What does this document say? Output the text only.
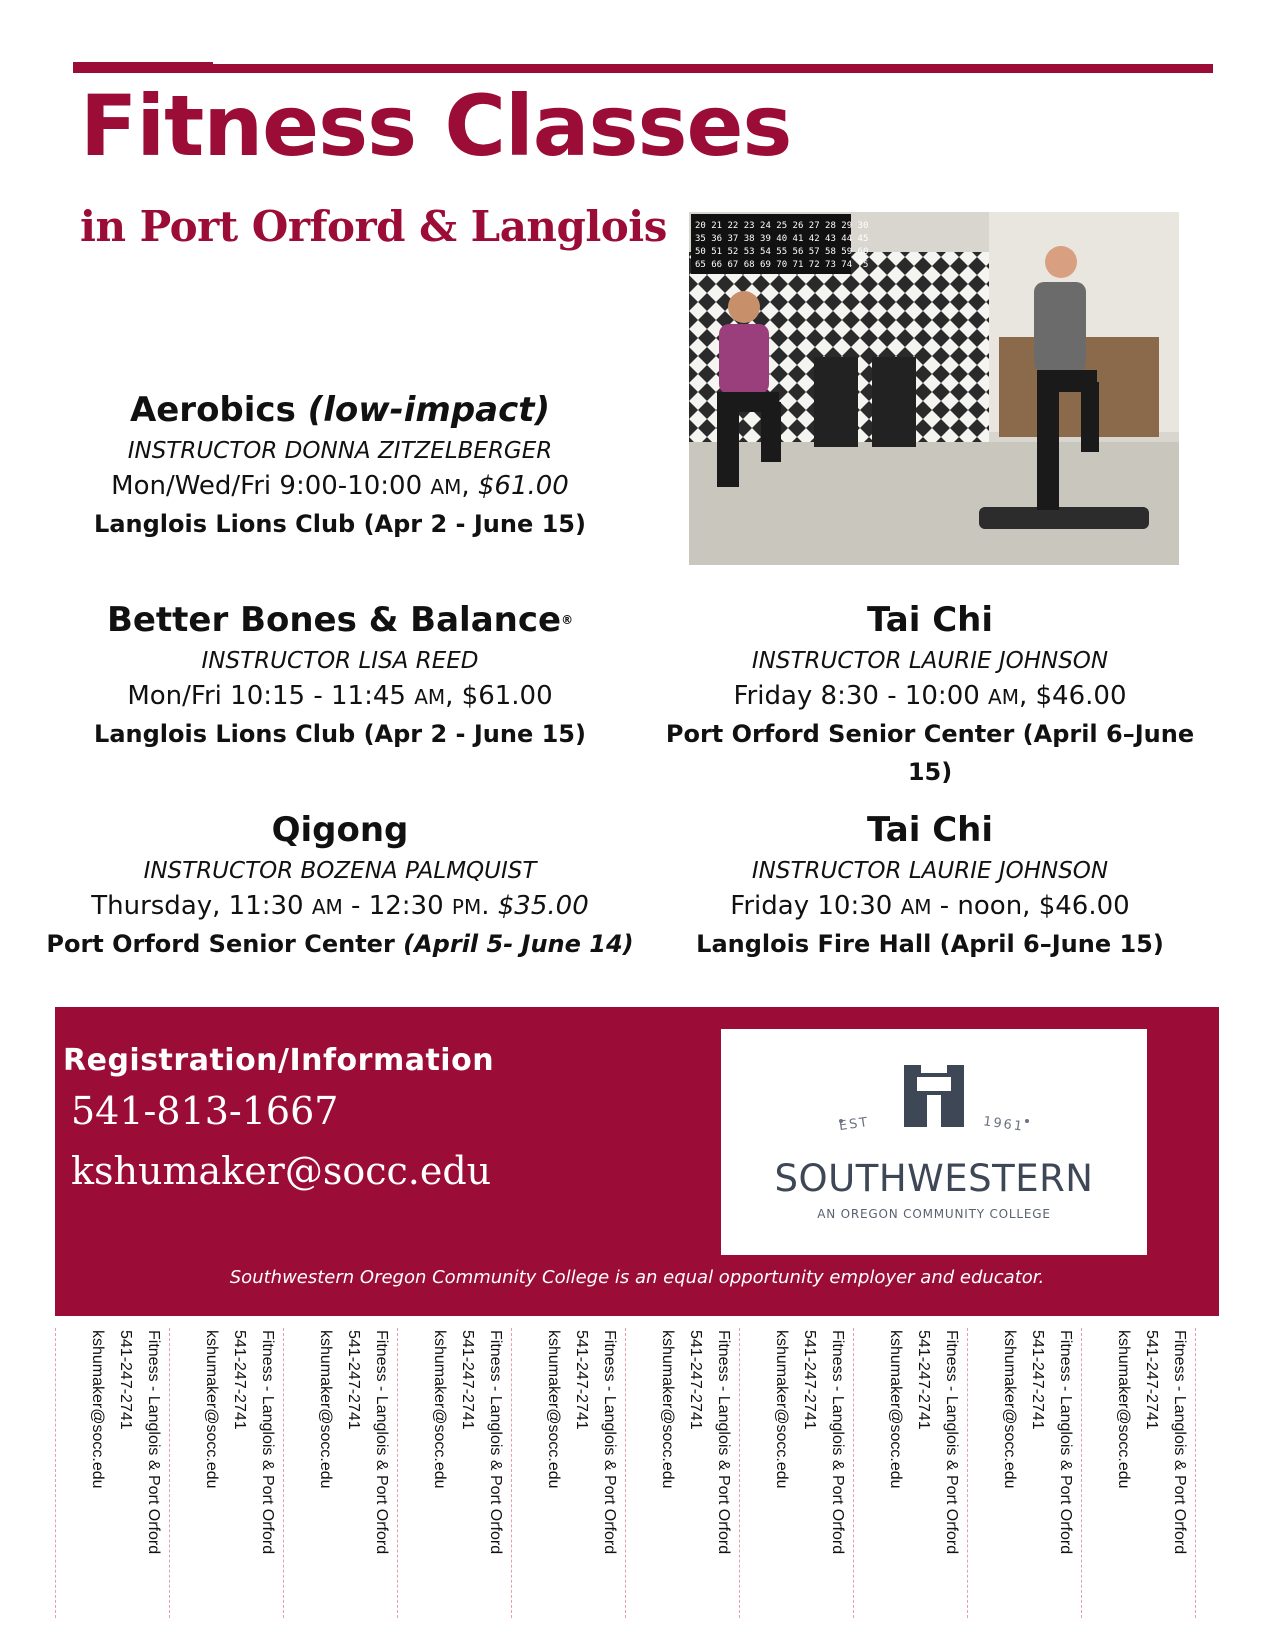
Fitness Classes
in Port Orford & Langlois	20 21 22 23 24 25 26 27 28 29 30
35 36 37 38 39 40 41 42 43 44 45
50 51 52 53 54 55 56 57 58 59 60
65 66 67 68 69 70 71 72 73 74 75
Aerobics (low-impact)
INSTRUCTOR DONNA ZITZELBERGER
Mon/Wed/Fri 9:00-10:00 AM, $61.00
Langlois Lions Club (Apr 2 - June 15)
Better Bones & Balance®
INSTRUCTOR LISA REED
Mon/Fri 10:15 - 11:45 AM, $61.00
Langlois Lions Club (Apr 2 - June 15)
Tai Chi
INSTRUCTOR LAURIE JOHNSON
Friday 8:30 - 10:00 AM, $46.00
Port Orford Senior Center (April 6–June 15)
Qigong
INSTRUCTOR BOZENA PALMQUIST
Thursday, 11:30 AM - 12:30 PM. $35.00
Port Orford Senior Center (April 5- June 14)
Tai Chi
INSTRUCTOR LAURIE JOHNSON
Friday 10:30 AM - noon, $46.00
Langlois Fire Hall (April 6–June 15)
Registration/Information
541-813-1667
kshumaker@socc.edu
EST	1961
SOUTHWESTERN
AN OREGON COMMUNITY COLLEGE
Southwestern Oregon Community College is an equal opportunity employer and educator.
Fitness - Langlois & Port Orford
541-247-2741
kshumaker@socc.edu	Fitness - Langlois & Port Orford
541-247-2741
kshumaker@socc.edu	Fitness - Langlois & Port Orford
541-247-2741
kshumaker@socc.edu	Fitness - Langlois & Port Orford
541-247-2741
kshumaker@socc.edu	Fitness - Langlois & Port Orford
541-247-2741
kshumaker@socc.edu	Fitness - Langlois & Port Orford
541-247-2741
kshumaker@socc.edu	Fitness - Langlois & Port Orford
541-247-2741
kshumaker@socc.edu	Fitness - Langlois & Port Orford
541-247-2741
kshumaker@socc.edu	Fitness - Langlois & Port Orford
541-247-2741
kshumaker@socc.edu	Fitness - Langlois & Port Orford
541-247-2741
kshumaker@socc.edu
